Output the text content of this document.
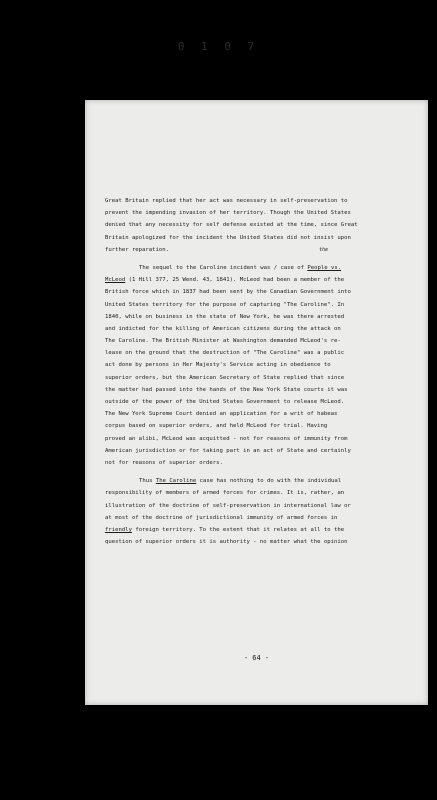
0 1 0 7
the
Great Britain replied that her act was necessary in self-preservation to
prevent the impending invasion of her territory. Though the United States
denied that any necessity for self defense existed at the time, since Great
Britain apologized for the incident the United States did not insist upon
further reparation.
The sequel to the Caroline incident was / case of People vs.
McLeod (1 Hill 377, 25 Wend. 43, 1841). McLeod had been a member of the
British force which in 1837 had been sent by the Canadian Government into
United States territory for the purpose of capturing "The Caroline". In
1840, while on business in the state of New York, he was there arrested
and indicted for the killing of American citizens during the attack on
The Caroline. The British Minister at Washington demanded McLeod's re-
lease on the ground that the destruction of "The Caroline" was a public
act done by persons in Her Majesty's Service acting in obedience to
superior orders, but the American Secretary of State replied that since
the matter had passed into the hands of the New York State courts it was
outside of the power of the United States Government to release McLeod.
The New York Supreme Court denied an application for a writ of habeas
corpus based on superior orders, and held McLeod for trial. Having
proved an alibi, McLeod was acquitted - not for reasons of immunity from
American jurisdiction or for taking part in an act of State and certainly
not for reasons of superior orders.
Thus The Caroline case has nothing to do with the individual
responsibility of members of armed forces for crimes. It is, rather, an
illustration of the doctrine of self-preservation in international law or
at most of the doctrine of jurisdictional immunity of armed forces in
friendly foreign territory. To the extent that it relates at all to the
question of superior orders it is authority - no matter what the opinion
- 64 -
